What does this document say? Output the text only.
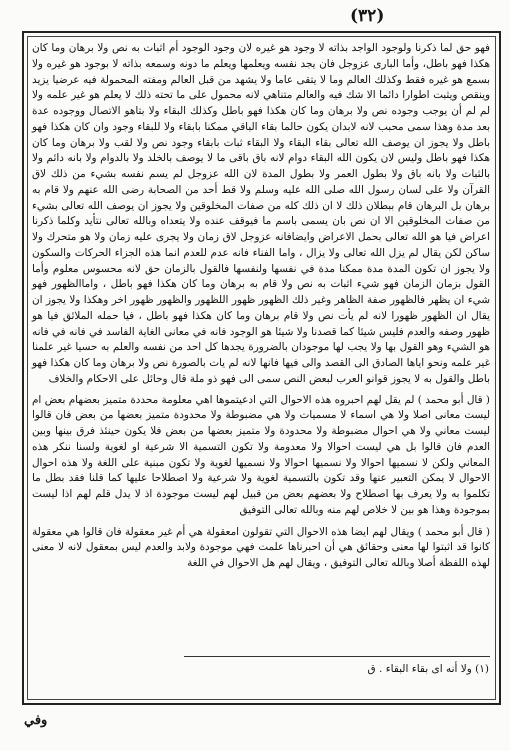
(٣٢)

فهو حق لما ذكرنا ولوجود الواجد بذاته لا وجود هو غيره لان وجود الوجود أم اثبات به نص ولا برهان وما كان هكذا فهو باطل، وأما البارى عزوجل فان يجد نفسه ويعلمها ويعلم ما دونه وسمعه بذاته لا بوجود هو غيره ولا بسمع هو غيره فقط وكذلك العالم وما لا يتقى عاما ولا يشهد من قبل العالم ومفته المحمولة فيه عرضيا يزيد وينقص ويثبت اطوارا دائما الا شك فيه والعالم متناهي لانه محمول على ما تحته ذلك لا يعلم هو غير علمه ولا لم لم أن يوجب وجوده نص ولا برهان وما كان هكذا فهو باطل وكذلك البقاء ولا بتاهو الاتصال ووجوده عدة بعد مدة وهذا سمى محبب لانه لابدان يكون حالما بقاء الباقي ممكنا بابقاء ولا للبقاء وجود وان كان هكذا فهو باطل ولا يجوز ان يوصف الله تعالى بقاء البقاء ولا البقاء ثبات بابقاء وجود نص ولا لقب ولا برهان وما كان هكذا فهو باطل وليس لان يكون الله البقاء دوام لانه باق باقى ما لا يوصف بالخلد ولا بالدوام ولا بانه دائم ولا بالثبات ولا بانه باق ولا بطول العمر ولا بطول المدة لان الله عزوجل لم يسم نفسه بشيء من ذلك لاق القرآن ولا على لسان رسول الله صلى الله عليه وسلم ولا قط أحد من الصحابة رضى الله عنهم ولا قام به برهان بل البرهان قام ببطلان ذلك لا ان ذلك كله من صفات المخلوقين ولا يجوز ان يوصف الله تعالى بشيء من صفات المخلوقين الا ان نص بان يسمى باسم ما فيوقف عنده ولا يتعداه وبالله تعالى نتأيد وكلما ذكرنا اعراض فيا هو الله تعالى بحمل الاعراض وايضافانه عزوجل لاق زمان ولا يجرى عليه زمان ولا هو متحرك ولا ساكن لكن يقال لم يزل الله تعالى ولا يزال ، واما الفناء فانه عدم للعدم انما هذه الجزاء الحركات والسكون ولا يجوز ان تكون المدة مدة ممكنا مدة في نفسها ولنفسها فالقول بالزمان حق لانه محسوس معلوم وأما القول بزمان الزمان فهو شيء اثبات به نص ولا قام به برهان وما كان هكذا فهو باطل ، واماالظهور فهو شيء ان يظهر فالظهور صفة الظاهر وغير ذلك الظهور ظهور اللظهور والظهور ظهور اخر وهكذا ولا يجوز ان يقال ان الظهور ظهورا لانه لم يأت نص ولا قام برهان وما كان هكذا فهو باطل ، فيا حمله الملائق فيا هو ظهور وصفه والعدم فليس شيئا كما قصدنا ولا شيئا هو الوجود فانه في معانى الغاية الفاسد في فانه في فانه هو الشيء وهو القول بها ولا يجب لها موجودان بالضرورة يجدها كل احد من نفسه والعلم به حسيا غير علمنا غير علمه ونحو اياها الصادق الى القصد والى فيها فانها لانه لم يات بالصورة نص ولا برهان وما كان هكذا فهو باطل والقول به لا يجوز قوانو العرب لبعض النص سمى الى فهو ذو ملة قال وحائل على الاحكام والخلاف

( قال أبو محمد ) لم يقل لهم احبروه هذه الاحوال التي ادعيتموها اهي معلومة محددة متميز بعضهام بعض ام ليست معانى اصلا ولا هي اسماء لا مسميات ولا هي مضبوطة ولا محدودة متميز بعضها من بعض فان قالوا ليست معاني ولا هي احوال مضبوطة ولا محدودة ولا متميز بعضها من بعض فلا يكون حينئذ فرق بينها وبين العدم فان قالوا بل هي ليست احوالا ولا معدومة ولا تكون التسمية الا شرعية او لغوية ولسنا ننكر هذه المعاني ولكن لا نسميها احوالا ولا نسميها احوالا ولا نسميها لغوية ولا تكون مبنية على اللغة ولا هذه احوال الاحوال لا يمكن التعبير عنها وقد تكون بالتسمية لغوية ولا شرعية ولا اصطلاحا عليها كما قلنا فقد بطل ما تكلموا به ولا يعرف بها اصطلاح ولا بعضهم بعض من قبيل لهم ليست موجودة اذ لا يدل قلم لهم اذا ليست بموجودة وهذا هو بين لا خلاص لهم منه وبالله تعالى التوفيق

( قال أبو محمد ) ويقال لهم ايضا هذه الاحوال التي تقولون امعقولة هي أم غير معقولة فان قالوا هي معقولة كانوا قد اثبتوا لها معنى وحقائق هي أن احبرناها علمت فهي موجودة ولابد والعدم ليس بمعقول لانه لا معنى لهذه اللفظة أصلا وبالله تعالى التوفيق ، ويقال لهم هل الاحوال في اللغة

(١) ولا أنه اى بقاء البقاء . ق
وفي
